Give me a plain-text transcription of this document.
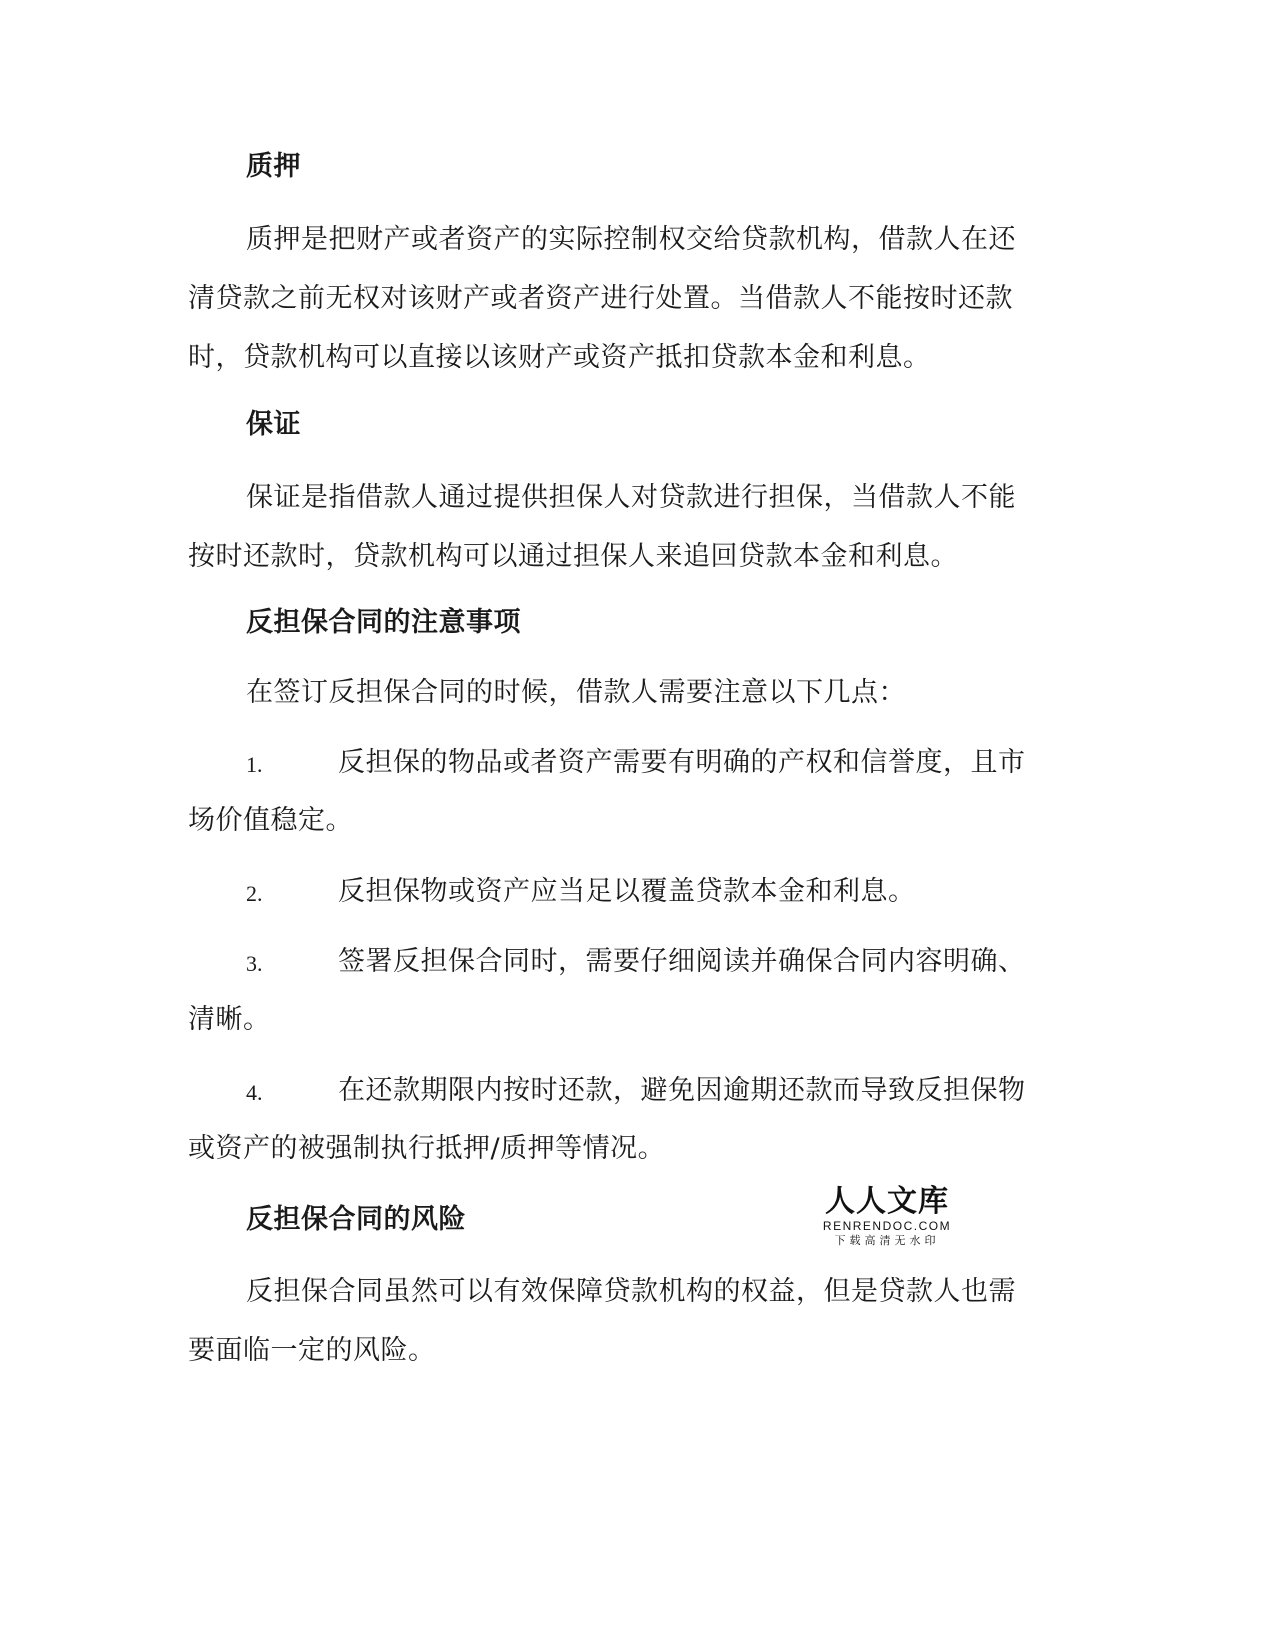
质押
质押是把财产或者资产的实际控制权交给贷款机构，借款人在还
清贷款之前无权对该财产或者资产进行处置。当借款人不能按时还款
时，贷款机构可以直接以该财产或资产抵扣贷款本金和利息。
保证
保证是指借款人通过提供担保人对贷款进行担保，当借款人不能
按时还款时，贷款机构可以通过担保人来追回贷款本金和利息。
反担保合同的注意事项
在签订反担保合同的时候，借款人需要注意以下几点：
1.	反担保的物品或者资产需要有明确的产权和信誉度，且市
场价值稳定。
2.	反担保物或资产应当足以覆盖贷款本金和利息。
3.	签署反担保合同时，需要仔细阅读并确保合同内容明确、
清晰。
4.	在还款期限内按时还款，避免因逾期还款而导致反担保物
或资产的被强制执行抵押/质押等情况。
人人文库
RENRENDOC.COM
下载高清无水印
反担保合同的风险
反担保合同虽然可以有效保障贷款机构的权益，但是贷款人也需
要面临一定的风险。
